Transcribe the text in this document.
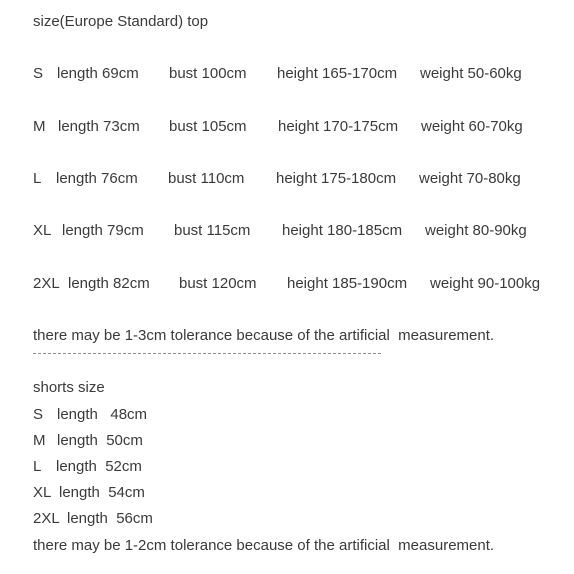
size(Europe Standard) top

S

length 69cm

bust 100cm

height 165-170cm

weight 50-60kg

M

length 73cm

bust 105cm

height 170-175cm

weight 60-70kg

L

length 76cm

bust 110cm

height 175-180cm

weight 70-80kg

XL

length 79cm

bust 115cm

height 180-185cm

weight 80-90kg

2XL

length 82cm

bust 120cm

height 185-190cm

weight 90-100kg

there may be 1-3cm tolerance because of the artificial  measurement.
shorts size

S

length   48cm

M

length  50cm

L

length  52cm

XL

length  54cm

2XL

length  56cm

there may be 1-2cm tolerance because of the artificial  measurement.
